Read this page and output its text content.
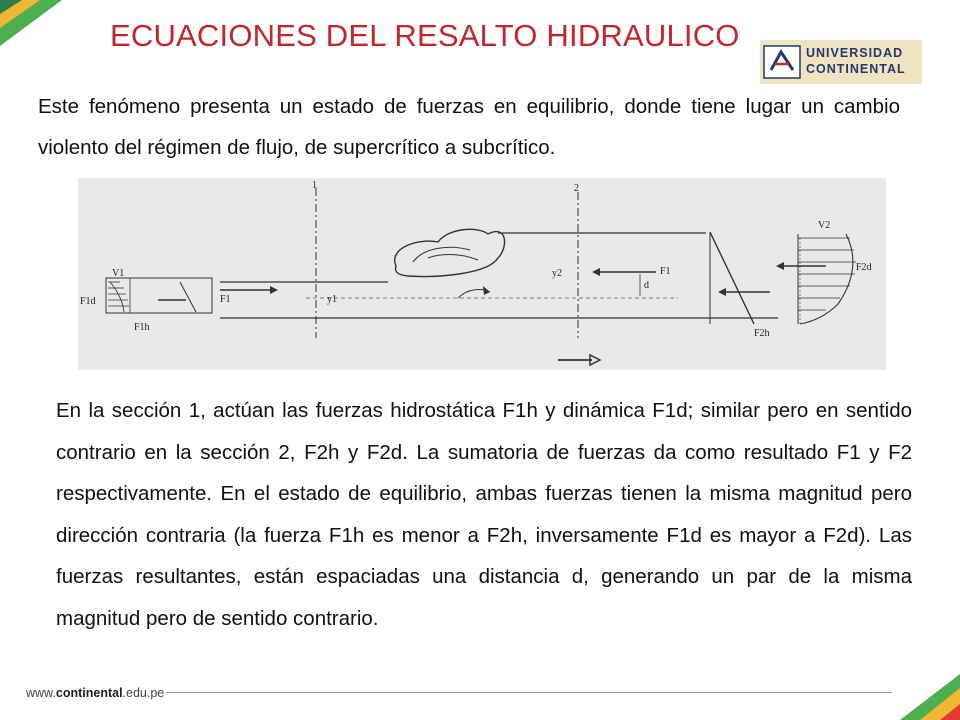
ECUACIONES DEL RESALTO HIDRAULICO	UNIVERSIDAD
CONTINENTAL
Este fenómeno presenta un estado de fuerzas en equilibrio, donde tiene lugar un cambio violento del régimen de flujo, de supercrítico a subcrítico.
V1
F1d
F1h
1	2
F1	y1
y2	F1
d
F2h
V2
F2d
En la sección 1, actúan las fuerzas hidrostática F1h y dinámica F1d; similar pero en sentido contrario en la sección 2, F2h y F2d. La sumatoria de fuerzas da como resultado F1 y F2 respectivamente. En el estado de equilibrio, ambas fuerzas tienen la misma magnitud pero dirección contraria (la fuerza F1h es menor a F2h, inversamente F1d es mayor a F2d). Las fuerzas resultantes, están espaciadas una distancia d, generando un par de la misma magnitud pero de sentido contrario.
www.continental.edu.pe
